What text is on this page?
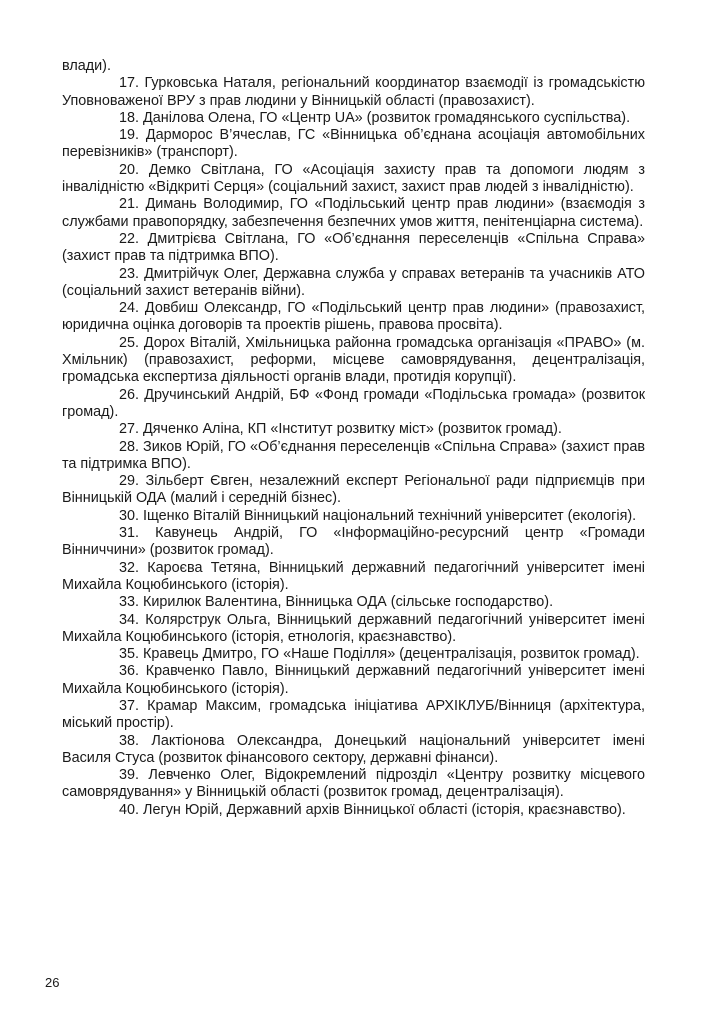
влади).

17. Гурковська Наталя, регіональний координатор взаємодії із громадськістю Уповноваженої ВРУ з прав людини у Вінницькій області (правозахист).

18. Данілова Олена, ГО «Центр UA» (розвиток громадянського суспільства).

19. Дарморос В’ячеслав, ГС «Вінницька об’єднана асоціація автомобільних перевізників» (транспорт).

20. Демко Світлана, ГО «Асоціація захисту прав та допомоги людям з інвалідністю «Відкриті Серця» (соціальний захист, захист прав людей з інвалідністю).

21. Димань Володимир, ГО «Подільський центр прав людини» (взаємодія з службами правопорядку, забезпечення безпечних умов життя, пенітенціарна система).

22. Дмитрієва Світлана, ГО «Об’єднання переселенців «Спільна Справа» (захист прав та підтримка ВПО).

23. Дмитрійчук Олег, Державна служба у справах ветеранів та учасників АТО (соціальний захист ветеранів війни).

24. Довбиш Олександр, ГО «Подільський центр прав людини» (правозахист, юридична оцінка договорів та проектів рішень, правова просвіта).

25. Дорох Віталій, Хмільницька районна громадська організація «ПРАВО» (м. Хмільник) (правозахист, реформи, місцеве самоврядування, децентралізація, громадська експертиза діяльності органів влади, протидія корупції).

26. Дручинський Андрій, БФ «Фонд громади «Подільська громада» (розвиток громад).

27. Дяченко Аліна, КП «Інститут розвитку міст» (розвиток громад).

28. Зиков Юрій, ГО «Об’єднання переселенців «Спільна Справа» (захист прав та підтримка ВПО).

29. Зільберт Євген, незалежний експерт Регіональної ради підприємців при Вінницькій ОДА (малий і середній бізнес).

30. Іщенко Віталій Вінницький національний технічний університет (екологія).

31. Кавунець Андрій, ГО «Інформаційно-ресурсний центр «Громади Вінниччини» (розвиток громад).

32. Кароєва Тетяна, Вінницький державний педагогічний університет імені Михайла Коцюбинського (історія).

33. Кирилюк Валентина, Вінницька ОДА (сільське господарство).

34. Колярструк Ольга, Вінницький державний педагогічний університет імені Михайла Коцюбинського (історія, етнологія, краєзнавство).

35. Кравець Дмитро, ГО «Наше Поділля» (децентралізація, розвиток громад).

36. Кравченко Павло, Вінницький державний педагогічний університет імені Михайла Коцюбинського (історія).

37. Крамар Максим, громадська ініціатива АРХІКЛУБ/Вінниця (архітектура, міський простір).

38. Лактіонова Олександра, Донецький національний університет імені Василя Стуса (розвиток фінансового сектору, державні фінанси).

39. Левченко Олег, Відокремлений підрозділ «Центру розвитку місцевого самоврядування» у Вінницькій області (розвиток громад, децентралізація).

40. Легун Юрій, Державний архів Вінницької області (історія, краєзнавство).

26
